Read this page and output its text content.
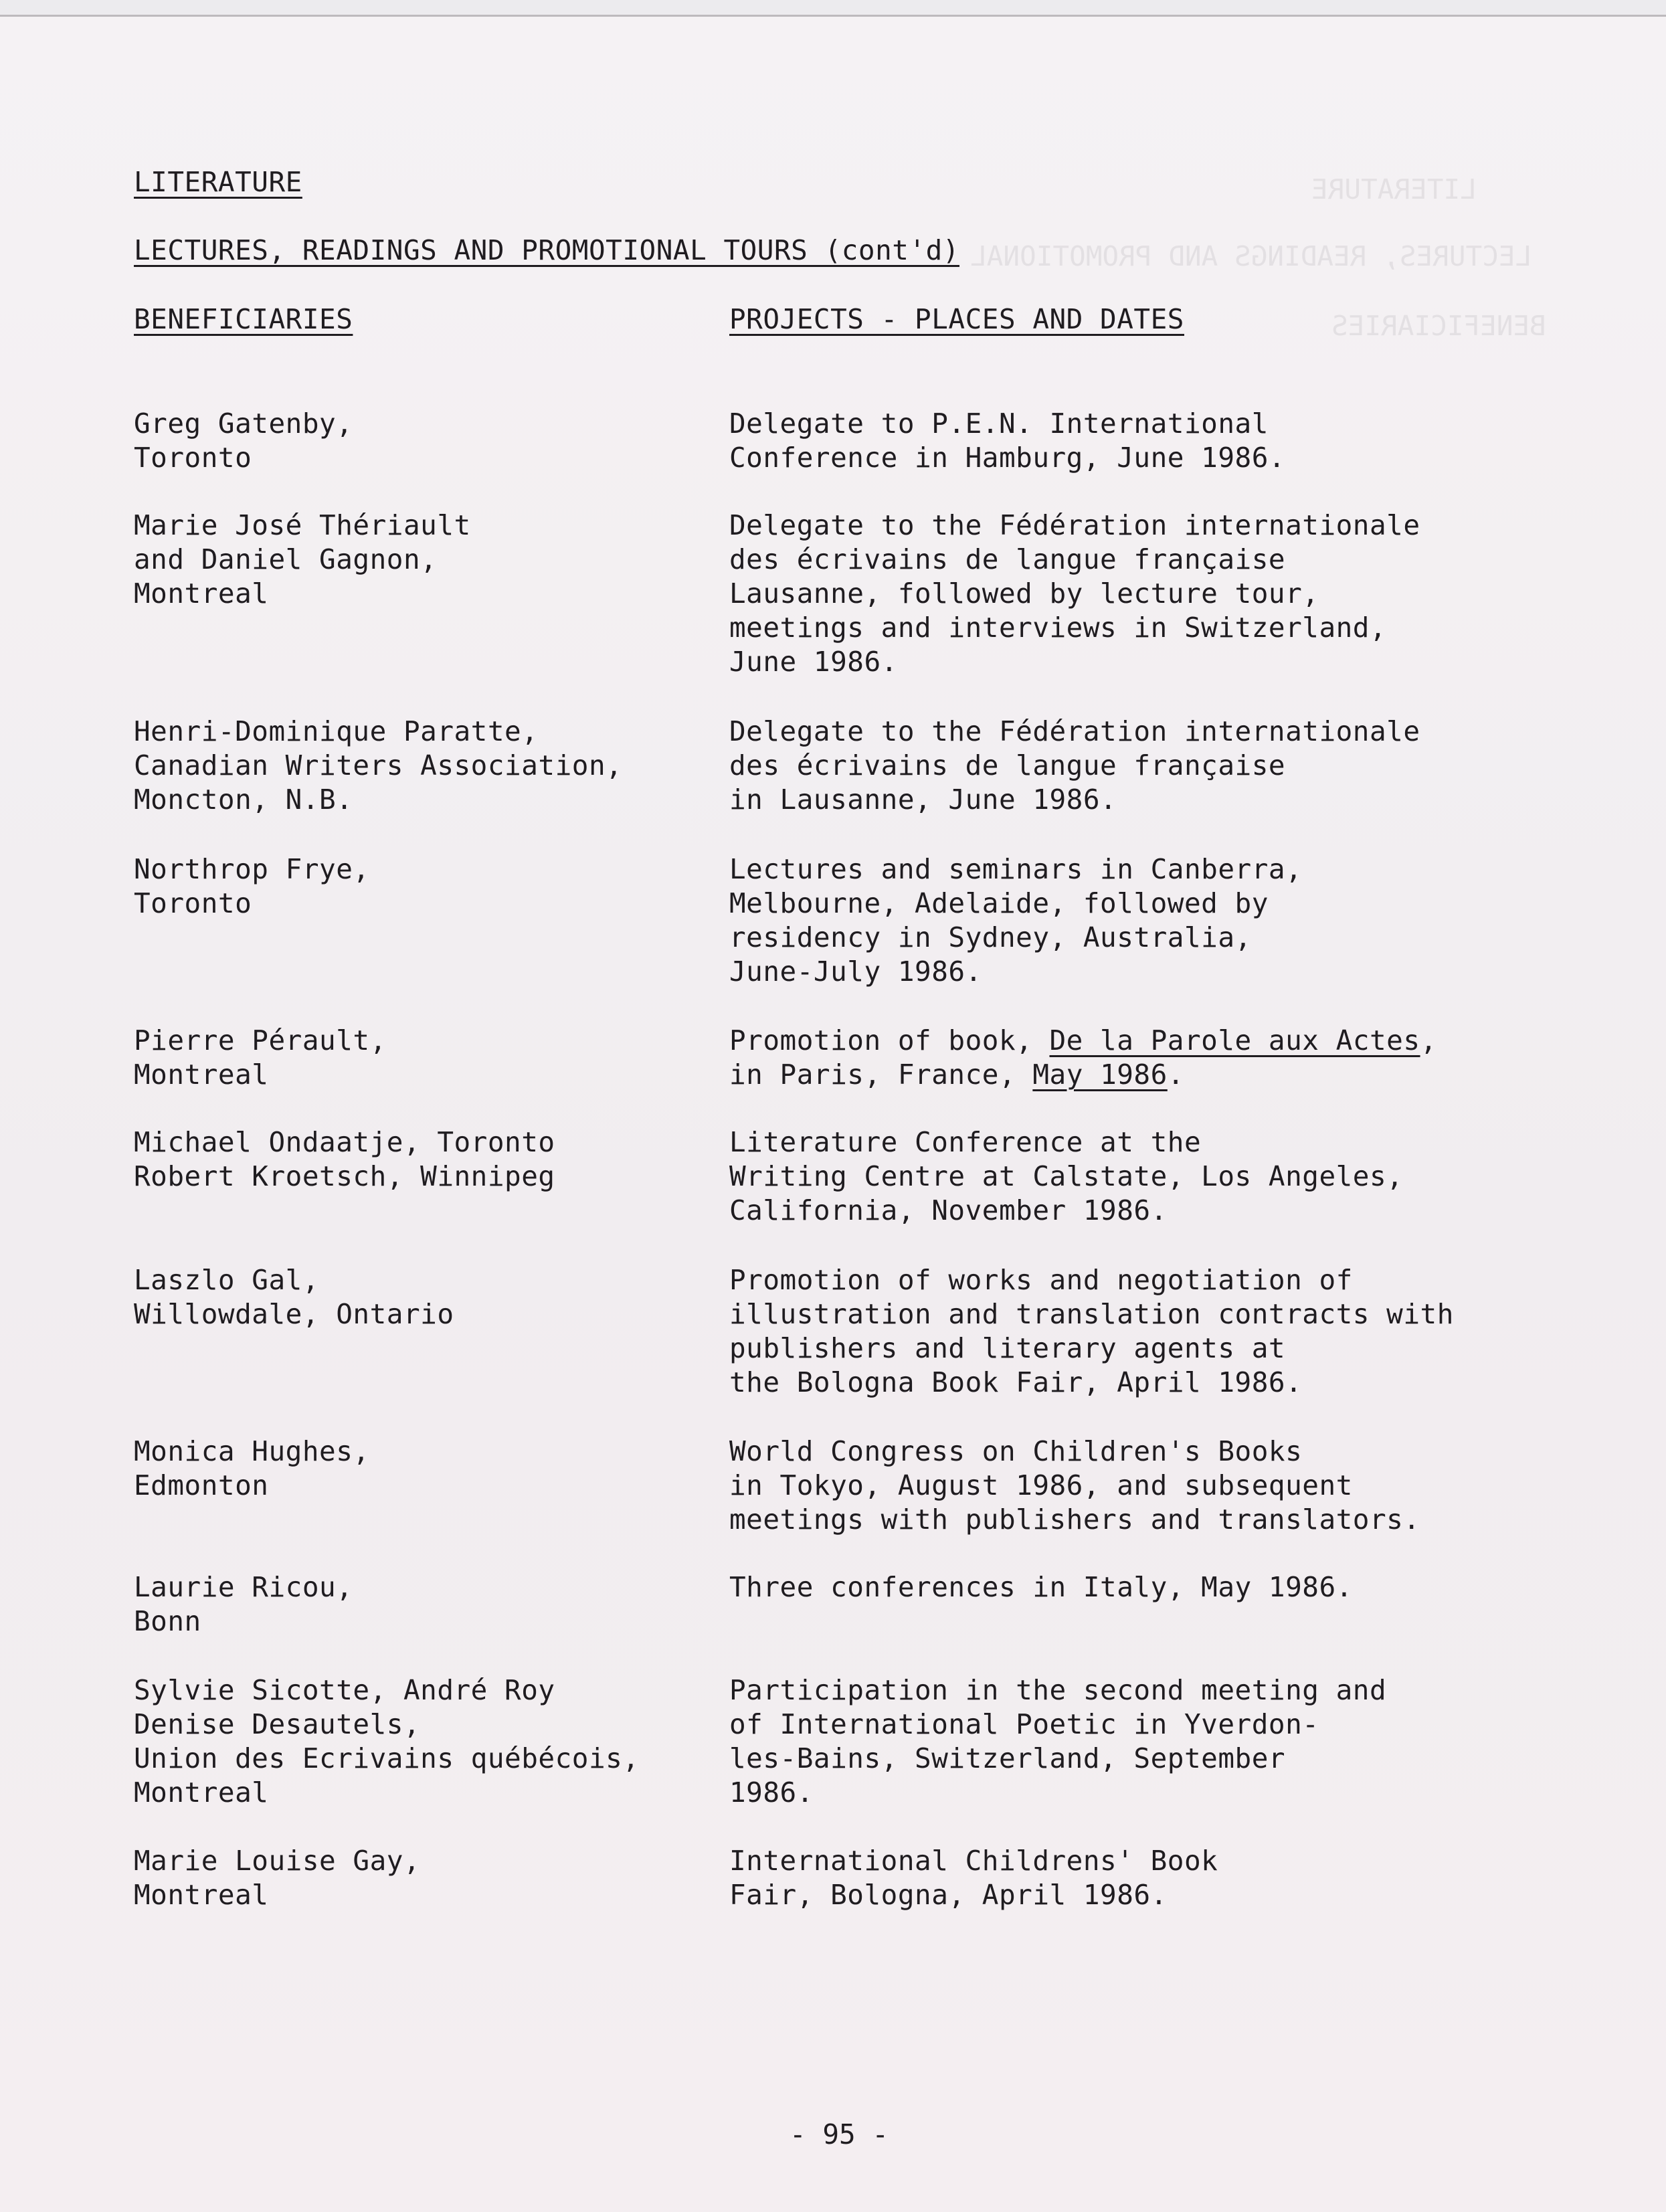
LITERATURE
LECTURES, READINGS AND PROMOTIONAL
BENEFICIARIES
LITERATURE
LECTURES, READINGS AND PROMOTIONAL TOURS (cont'd)
BENEFICIARIES	PROJECTS - PLACES AND DATES
Greg Gatenby,
Toronto
Delegate to P.E.N. International
Conference in Hamburg, June 1986.
Marie José Thériault
and Daniel Gagnon,
Montreal
Delegate to the Fédération internationale
des écrivains de langue française
Lausanne, followed by lecture tour,
meetings and interviews in Switzerland,
June 1986.
Henri-Dominique Paratte,
Canadian Writers Association,
Moncton, N.B.
Delegate to the Fédération internationale
des écrivains de langue française
in Lausanne, June 1986.
Northrop Frye,
Toronto
Lectures and seminars in Canberra,
Melbourne, Adelaide, followed by
residency in Sydney, Australia,
June-July 1986.
Pierre Pérault,
Montreal
Promotion of book, De la Parole aux Actes,
in Paris, France, May 1986.
Michael Ondaatje, Toronto
Robert Kroetsch, Winnipeg
Literature Conference at the
Writing Centre at Calstate, Los Angeles,
California, November 1986.
Laszlo Gal,
Willowdale, Ontario
Promotion of works and negotiation of
illustration and translation contracts with
publishers and literary agents at
the Bologna Book Fair, April 1986.
Monica Hughes,
Edmonton
World Congress on Children's Books
in Tokyo, August 1986, and subsequent
meetings with publishers and translators.
Laurie Ricou,
Bonn
Three conferences in Italy, May 1986.
Sylvie Sicotte, André Roy
Denise Desautels,
Union des Ecrivains québécois,
Montreal
Participation in the second meeting and
of International Poetic in Yverdon-
les-Bains, Switzerland, September
1986.
Marie Louise Gay,
Montreal
International Childrens' Book
Fair, Bologna, April 1986.
- 95 -
